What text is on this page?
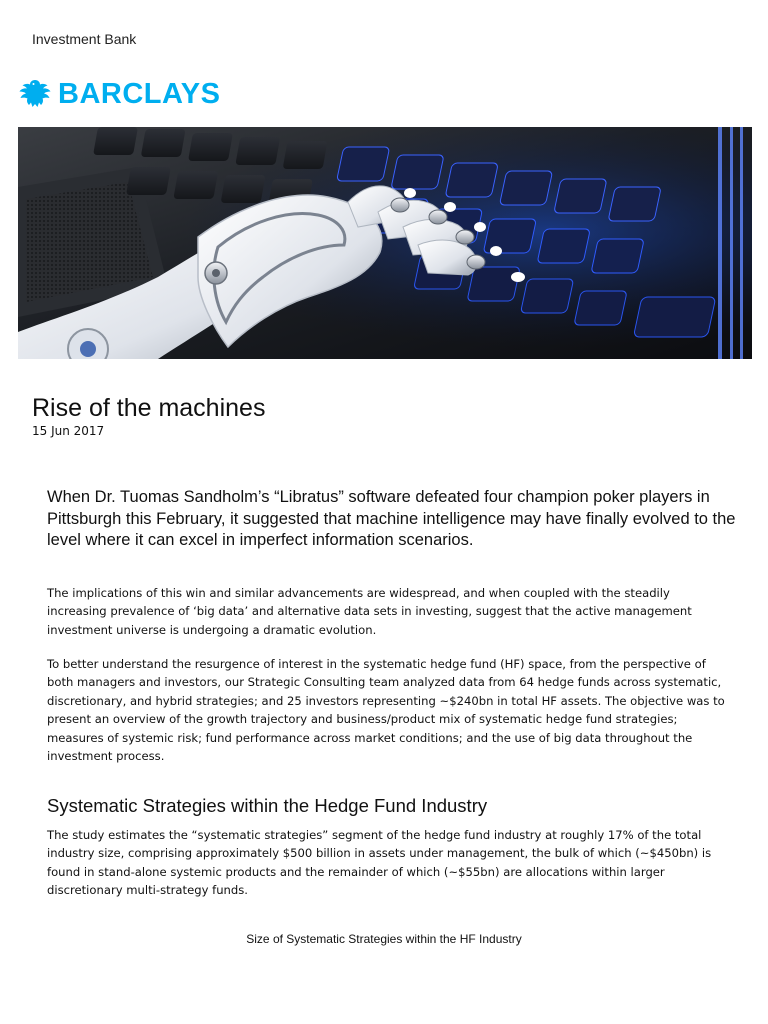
Investment Bank
BARCLAYS
Rise of the machines
15 Jun 2017

When Dr. Tuomas Sandholm’s “Libratus” software defeated four champion poker players in Pittsburgh this February, it suggested that machine intelligence may have finally evolved to the level where it can excel in imperfect information scenarios.

The implications of this win and similar advancements are widespread, and when coupled with the steadily increasing prevalence of ‘big data’ and alternative data sets in investing, suggest that the active management investment universe is undergoing a dramatic evolution.

To better understand the resurgence of interest in the systematic hedge fund (HF) space, from the perspective of both managers and investors, our Strategic Consulting team analyzed data from 64 hedge funds across systematic, discretionary, and hybrid strategies; and 25 investors representing ~$240bn in total HF assets. The objective was to present an overview of the growth trajectory and business/product mix of systematic hedge fund strategies; measures of systemic risk; fund performance across market conditions; and the use of big data throughout the investment process.

Systematic Strategies within the Hedge Fund Industry

The study estimates the “systematic strategies” segment of the hedge fund industry at roughly 17% of the total industry size, comprising approximately $500 billion in assets under management, the bulk of which (~$450bn) is found in stand-alone systemic products and the remainder of which (~$55bn) are allocations within larger discretionary multi-strategy funds.

Size of Systematic Strategies within the HF Industry
